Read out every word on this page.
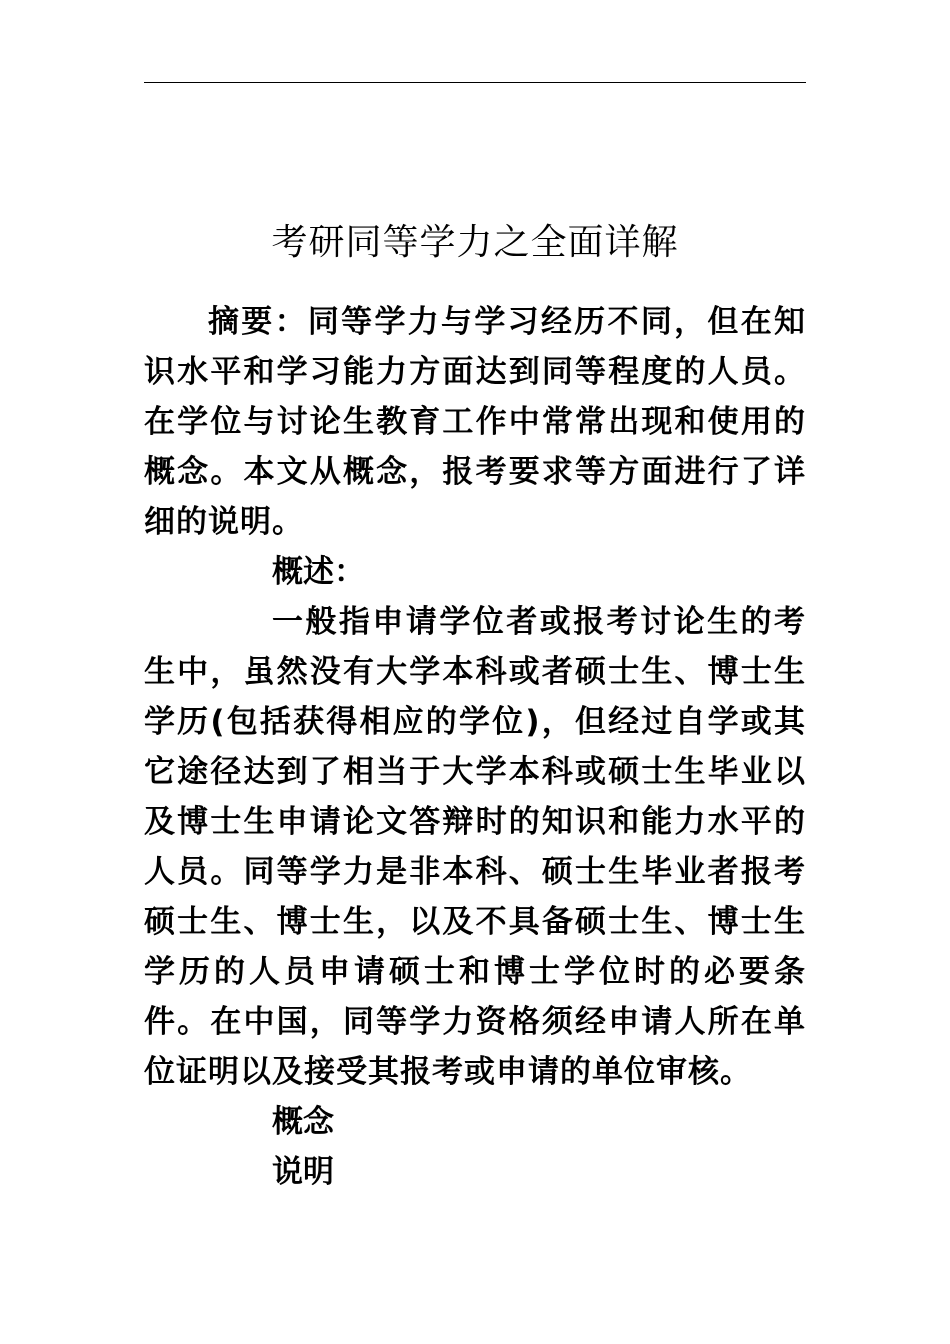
考研同等学力之全面详解

摘要：同等学力与学习经历不同，但在知识水平和学习能力方面达到同等程度的人员。在学位与讨论生教育工作中常常出现和使用的概念。本文从概念，报考要求等方面进行了详细的说明。

概述：

一般指申请学位者或报考讨论生的考生中，虽然没有大学本科或者硕士生、博士生学历(包括获得相应的学位)，但经过自学或其它途径达到了相当于大学本科或硕士生毕业以及博士生申请论文答辩时的知识和能力水平的人员。同等学力是非本科、硕士生毕业者报考硕士生、博士生，以及不具备硕士生、博士生学历的人员申请硕士和博士学位时的必要条件。在中国，同等学力资格须经申请人所在单位证明以及接受其报考或申请的单位审核。

概念

说明
